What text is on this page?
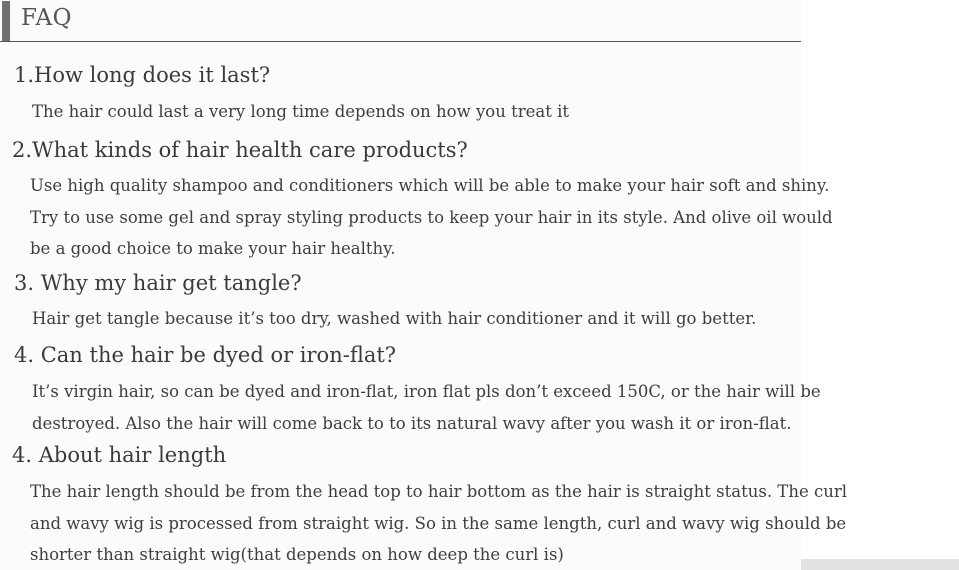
FAQ
1.How long does it last?
The hair could last a very long time depends on how you treat it
2.What kinds of hair health care products?
Use high quality shampoo and conditioners which will be able to make your hair soft and shiny.
Try to use some gel and spray styling products to keep your hair in its style. And olive oil would
be a good choice to make your hair healthy.
3. Why my hair get tangle?
Hair get tangle because it’s too dry, washed with hair conditioner and it will go better.
4. Can the hair be dyed or iron-flat?
It’s virgin hair, so can be dyed and iron-flat, iron flat pls don’t exceed 150C, or the hair will be
destroyed. Also the hair will come back to to its natural wavy after you wash it or iron-flat.
4. About hair length
The hair length should be from the head top to hair bottom as the hair is straight status. The curl
and wavy wig is processed from straight wig. So in the same length, curl and wavy wig should be
shorter than straight wig(that depends on how deep the curl is)
